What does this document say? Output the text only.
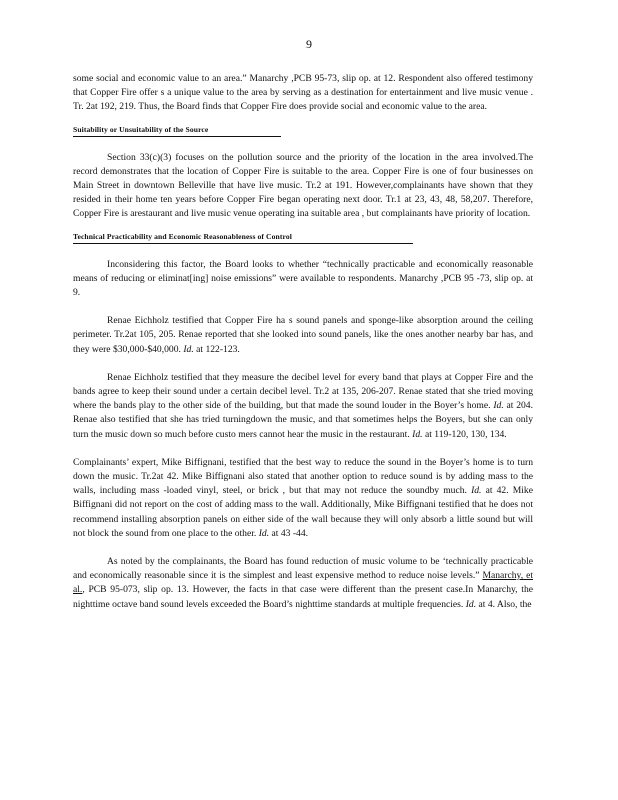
9

some social and economic value to an area.” Manarchy ,PCB 95-73, slip op. at 12. Respondent also offered testimony that Copper Fire offer s a unique value to the area by serving as a destination for entertainment and live music venue . Tr. 2at 192, 219. Thus, the Board finds that Copper Fire does provide social and economic value to the area.

Suitability or Unsuitability of the Source

Section 33(c)(3) focuses on the pollution source and the priority of the location in the area involved.The record demonstrates that the location of Copper Fire is suitable to the area. Copper Fire is one of four businesses on Main Street in downtown Belleville that have live music. Tr.2 at 191. However,complainants have shown that they resided in their home ten years before Copper Fire began operating next door. Tr.1 at 23, 43, 48, 58,207. Therefore, Copper Fire is arestaurant and live music venue operating ina suitable area , but complainants have priority of location.

Technical Practicability and Economic Reasonableness of Control

Inconsidering this factor, the Board looks to whether “technically practicable and economically reasonable means of reducing or eliminat[ing] noise emissions” were available to respondents. Manarchy ,PCB 95 -73, slip op. at 9.

Renae Eichholz testified that Copper Fire ha s sound panels and sponge-like absorption around the ceiling perimeter. Tr.2at 105, 205. Renae reported that she looked into sound panels, like the ones another nearby bar has, and they were $30,000-$40,000. Id. at 122-123.

Renae Eichholz testified that they measure the decibel level for every band that plays at Copper Fire and the bands agree to keep their sound under a certain decibel level. Tr.2 at 135, 206-207. Renae stated that she tried moving where the bands play to the other side of the building, but that made the sound louder in the Boyer’s home. Id. at 204. Renae also testified that she has tried turningdown the music, and that sometimes helps the Boyers, but she can only turn the music down so much before custo mers cannot hear the music in the restaurant. Id. at 119-120, 130, 134.

Complainants’ expert, Mike Biffignani, testified that the best way to reduce the sound in the Boyer’s home is to turn down the music. Tr.2at 42. Mike Biffignani also stated that another option to reduce sound is by adding mass to the walls, including mass -loaded vinyl, steel, or brick , but that may not reduce the soundby much. Id. at 42. Mike Biffignani did not report on the cost of adding mass to the wall. Additionally, Mike Biffignani testified that he does not recommend installing absorption panels on either side of the wall because they will only absorb a little sound but will not block the sound from one place to the other. Id. at 43 -44.

As noted by the complainants, the Board has found reduction of music volume to be ‘technically practicable and economically reasonable since it is the simplest and least expensive method to reduce noise levels.” Manarchy, et al., PCB 95-073, slip op. 13. However, the facts in that case were different than the present case.In Manarchy, the nighttime octave band sound levels exceeded the Board’s nighttime standards at multiple frequencies. Id. at 4. Also, the
